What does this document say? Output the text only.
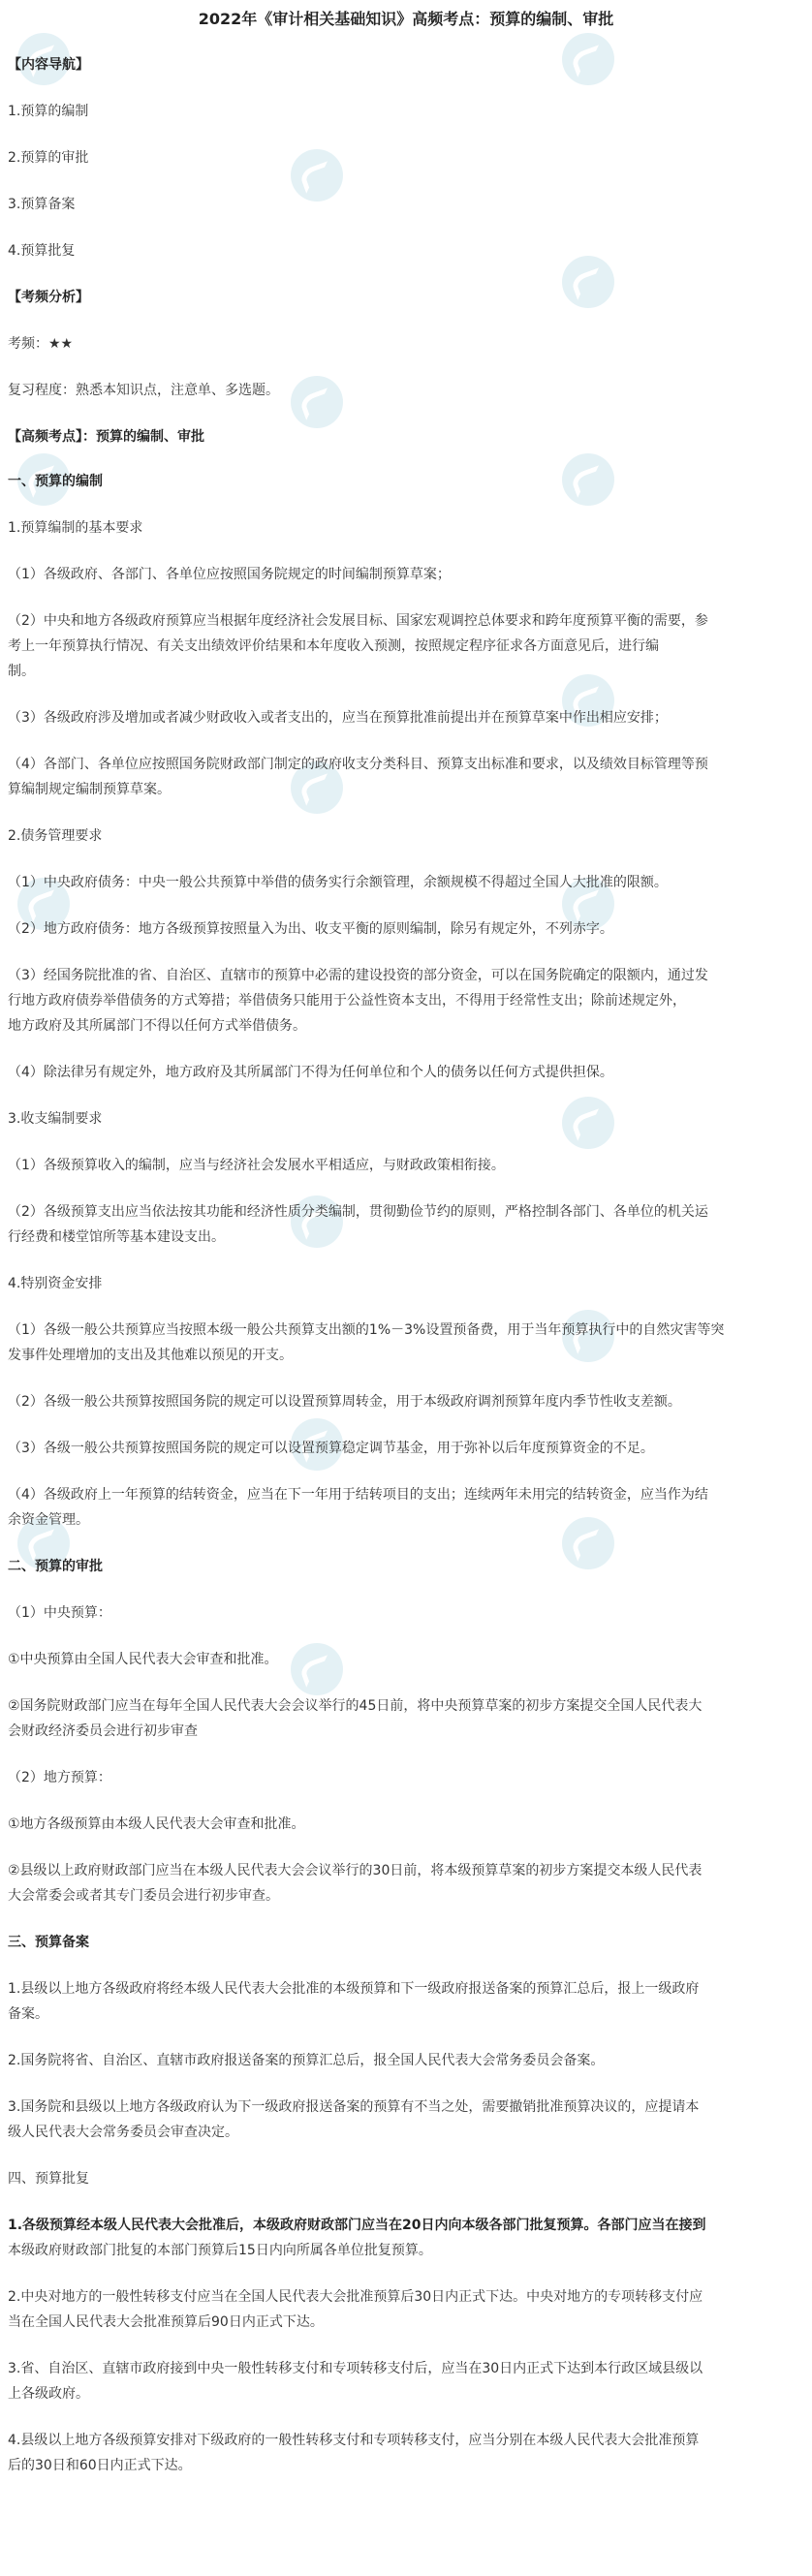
2022年《审计相关基础知识》高频考点：预算的编制、审批
【内容导航】
1.预算的编制
2.预算的审批
3.预算备案
4.预算批复
【考频分析】
考频：★★
复习程度：熟悉本知识点，注意单、多选题。
【高频考点】：预算的编制、审批
一、预算的编制
1.预算编制的基本要求
（1）各级政府、各部门、各单位应按照国务院规定的时间编制预算草案；
（2）中央和地方各级政府预算应当根据年度经济社会发展目标、国家宏观调控总体要求和跨年度预算平衡的需要，参
考上一年预算执行情况、有关支出绩效评价结果和本年度收入预测，按照规定程序征求各方面意见后，进行编
制。
（3）各级政府涉及增加或者减少财政收入或者支出的，应当在预算批准前提出并在预算草案中作出相应安排；
（4）各部门、各单位应按照国务院财政部门制定的政府收支分类科目、预算支出标准和要求，以及绩效目标管理等预
算编制规定编制预算草案。
2.债务管理要求
（1）中央政府债务：中央一般公共预算中举借的债务实行余额管理，余额规模不得超过全国人大批准的限额。
（2）地方政府债务：地方各级预算按照量入为出、收支平衡的原则编制，除另有规定外，不列赤字。
（3）经国务院批准的省、自治区、直辖市的预算中必需的建设投资的部分资金，可以在国务院确定的限额内，通过发
行地方政府债券举借债务的方式筹措；举借债务只能用于公益性资本支出，不得用于经常性支出；除前述规定外，
地方政府及其所属部门不得以任何方式举借债务。
（4）除法律另有规定外，地方政府及其所属部门不得为任何单位和个人的债务以任何方式提供担保。
3.收支编制要求
（1）各级预算收入的编制，应当与经济社会发展水平相适应，与财政政策相衔接。
（2）各级预算支出应当依法按其功能和经济性质分类编制，贯彻勤俭节约的原则，严格控制各部门、各单位的机关运
行经费和楼堂馆所等基本建设支出。
4.特别资金安排
（1）各级一般公共预算应当按照本级一般公共预算支出额的1%－3%设置预备费，用于当年预算执行中的自然灾害等突
发事件处理增加的支出及其他难以预见的开支。
（2）各级一般公共预算按照国务院的规定可以设置预算周转金，用于本级政府调剂预算年度内季节性收支差额。
（3）各级一般公共预算按照国务院的规定可以设置预算稳定调节基金，用于弥补以后年度预算资金的不足。
（4）各级政府上一年预算的结转资金，应当在下一年用于结转项目的支出；连续两年未用完的结转资金，应当作为结
余资金管理。
二、预算的审批
（1）中央预算：
①中央预算由全国人民代表大会审查和批准。
②国务院财政部门应当在每年全国人民代表大会会议举行的45日前，将中央预算草案的初步方案提交全国人民代表大
会财政经济委员会进行初步审查
（2）地方预算：
①地方各级预算由本级人民代表大会审查和批准。
②县级以上政府财政部门应当在本级人民代表大会会议举行的30日前，将本级预算草案的初步方案提交本级人民代表
大会常委会或者其专门委员会进行初步审查。
三、预算备案
1.县级以上地方各级政府将经本级人民代表大会批准的本级预算和下一级政府报送备案的预算汇总后，报上一级政府
备案。
2.国务院将省、自治区、直辖市政府报送备案的预算汇总后，报全国人民代表大会常务委员会备案。
3.国务院和县级以上地方各级政府认为下一级政府报送备案的预算有不当之处，需要撤销批准预算决议的，应提请本
级人民代表大会常务委员会审查决定。
四、预算批复
1.各级预算经本级人民代表大会批准后，本级政府财政部门应当在20日内向本级各部门批复预算。各部门应当在接到
本级政府财政部门批复的本部门预算后15日内向所属各单位批复预算。
2.中央对地方的一般性转移支付应当在全国人民代表大会批准预算后30日内正式下达。中央对地方的专项转移支付应
当在全国人民代表大会批准预算后90日内正式下达。
3.省、自治区、直辖市政府接到中央一般性转移支付和专项转移支付后，应当在30日内正式下达到本行政区域县级以
上各级政府。
4.县级以上地方各级预算安排对下级政府的一般性转移支付和专项转移支付，应当分别在本级人民代表大会批准预算
后的30日和60日内正式下达。
